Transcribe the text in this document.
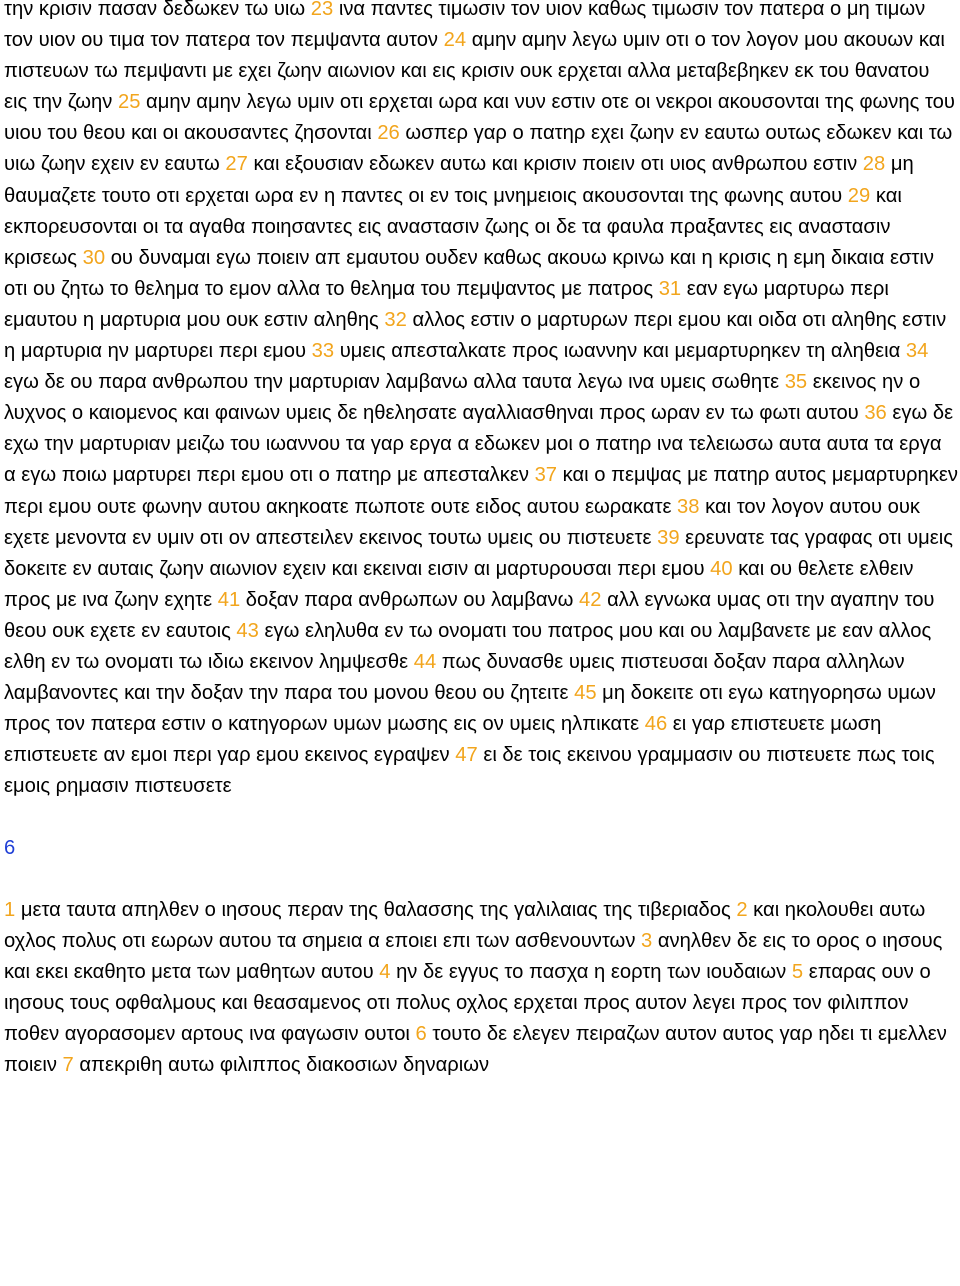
την κρισιν πασαν δεδωκεν τω υιω 23 ινα παντες τιμωσιν τον υιον καθως τιμωσιν τον πατερα ο μη τιμων τον υιον ου τιμα τον πατερα τον πεμψαντα αυτον 24 αμην αμην λεγω υμιν οτι ο τον λογον μου ακουων και πιστευων τω πεμψαντι με εχει ζωην αιωνιον και εις κρισιν ουκ ερχεται αλλα μεταβεβηκεν εκ του θανατου εις την ζωην 25 αμην αμην λεγω υμιν οτι ερχεται ωρα και νυν εστιν οτε οι νεκροι ακουσονται της φωνης του υιου του θεου και οι ακουσαντες ζησονται 26 ωσπερ γαρ ο πατηρ εχει ζωην εν εαυτω ουτως εδωκεν και τω υιω ζωην εχειν εν εαυτω 27 και εξουσιαν εδωκεν αυτω και κρισιν ποιειν οτι υιος ανθρωπου εστιν 28 μη θαυμαζετε τουτο οτι ερχεται ωρα εν η παντες οι εν τοις μνημειοις ακουσονται της φωνης αυτου 29 και εκπορευσονται οι τα αγαθα ποιησαντες εις αναστασιν ζωης οι δε τα φαυλα πραξαντες εις αναστασιν κρισεως 30 ου δυναμαι εγω ποιειν απ εμαυτου ουδεν καθως ακουω κρινω και η κρισις η εμη δικαια εστιν οτι ου ζητω το θελημα το εμον αλλα το θελημα του πεμψαντος με πατρος 31 εαν εγω μαρτυρω περι εμαυτου η μαρτυρια μου ουκ εστιν αληθης 32 αλλος εστιν ο μαρτυρων περι εμου και οιδα οτι αληθης εστιν η μαρτυρια ην μαρτυρει περι εμου 33 υμεις απεσταλκατε προς ιωαννην και μεμαρτυρηκεν τη αληθεια 34 εγω δε ου παρα ανθρωπου την μαρτυριαν λαμβανω αλλα ταυτα λεγω ινα υμεις σωθητε 35 εκεινος ην ο λυχνος ο καιομενος και φαινων υμεις δε ηθελησατε αγαλλιασθηναι προς ωραν εν τω φωτι αυτου 36 εγω δε εχω την μαρτυριαν μειζω του ιωαννου τα γαρ εργα α εδωκεν μοι ο πατηρ ινα τελειωσω αυτα αυτα τα εργα α εγω ποιω μαρτυρει περι εμου οτι ο πατηρ με απεσταλκεν 37 και ο πεμψας με πατηρ αυτος μεμαρτυρηκεν περι εμου ουτε φωνην αυτου ακηκοατε πωποτε ουτε ειδος αυτου εωρακατε 38 και τον λογον αυτου ουκ εχετε μενοντα εν υμιν οτι ον απεστειλεν εκεινος τουτω υμεις ου πιστευετε 39 ερευνατε τας γραφας οτι υμεις δοκειτε εν αυταις ζωην αιωνιον εχειν και εκειναι εισιν αι μαρτυρουσαι περι εμου 40 και ου θελετε ελθειν προς με ινα ζωην εχητε 41 δοξαν παρα ανθρωπων ου λαμβανω 42 αλλ εγνωκα υμας οτι την αγαπην του θεου ουκ εχετε εν εαυτοις 43 εγω εληλυθα εν τω ονοματι του πατρος μου και ου λαμβανετε με εαν αλλος ελθη εν τω ονοματι τω ιδιω εκεινον λημψεσθε 44 πως δυνασθε υμεις πιστευσαι δοξαν παρα αλληλων λαμβανοντες και την δοξαν την παρα του μονου θεου ου ζητειτε 45 μη δοκειτε οτι εγω κατηγορησω υμων προς τον πατερα εστιν ο κατηγορων υμων μωσης εις ον υμεις ηλπικατε 46 ει γαρ επιστευετε μωση επιστευετε αν εμοι περι γαρ εμου εκεινος εγραψεν 47 ει δε τοις εκεινου γραμμασιν ου πιστευετε πως τοις εμοις ρημασιν πιστευσετε

6

1 μετα ταυτα απηλθεν ο ιησους περαν της θαλασσης της γαλιλαιας της τιβεριαδος 2 και ηκολουθει αυτω οχλος πολυς οτι εωρων αυτου τα σημεια α εποιει επι των ασθενουντων 3 ανηλθεν δε εις το ορος ο ιησους και εκει εκαθητο μετα των μαθητων αυτου 4 ην δε εγγυς το πασχα η εορτη των ιουδαιων 5 επαρας ουν ο ιησους τους οφθαλμους και θεασαμενος οτι πολυς οχλος ερχεται προς αυτον λεγει προς τον φιλιππον ποθεν αγορασομεν αρτους ινα φαγωσιν ουτοι 6 τουτο δε ελεγεν πειραζων αυτον αυτος γαρ ηδει τι εμελλεν ποιειν 7 απεκριθη αυτω φιλιππος διακοσιων δηναριων
